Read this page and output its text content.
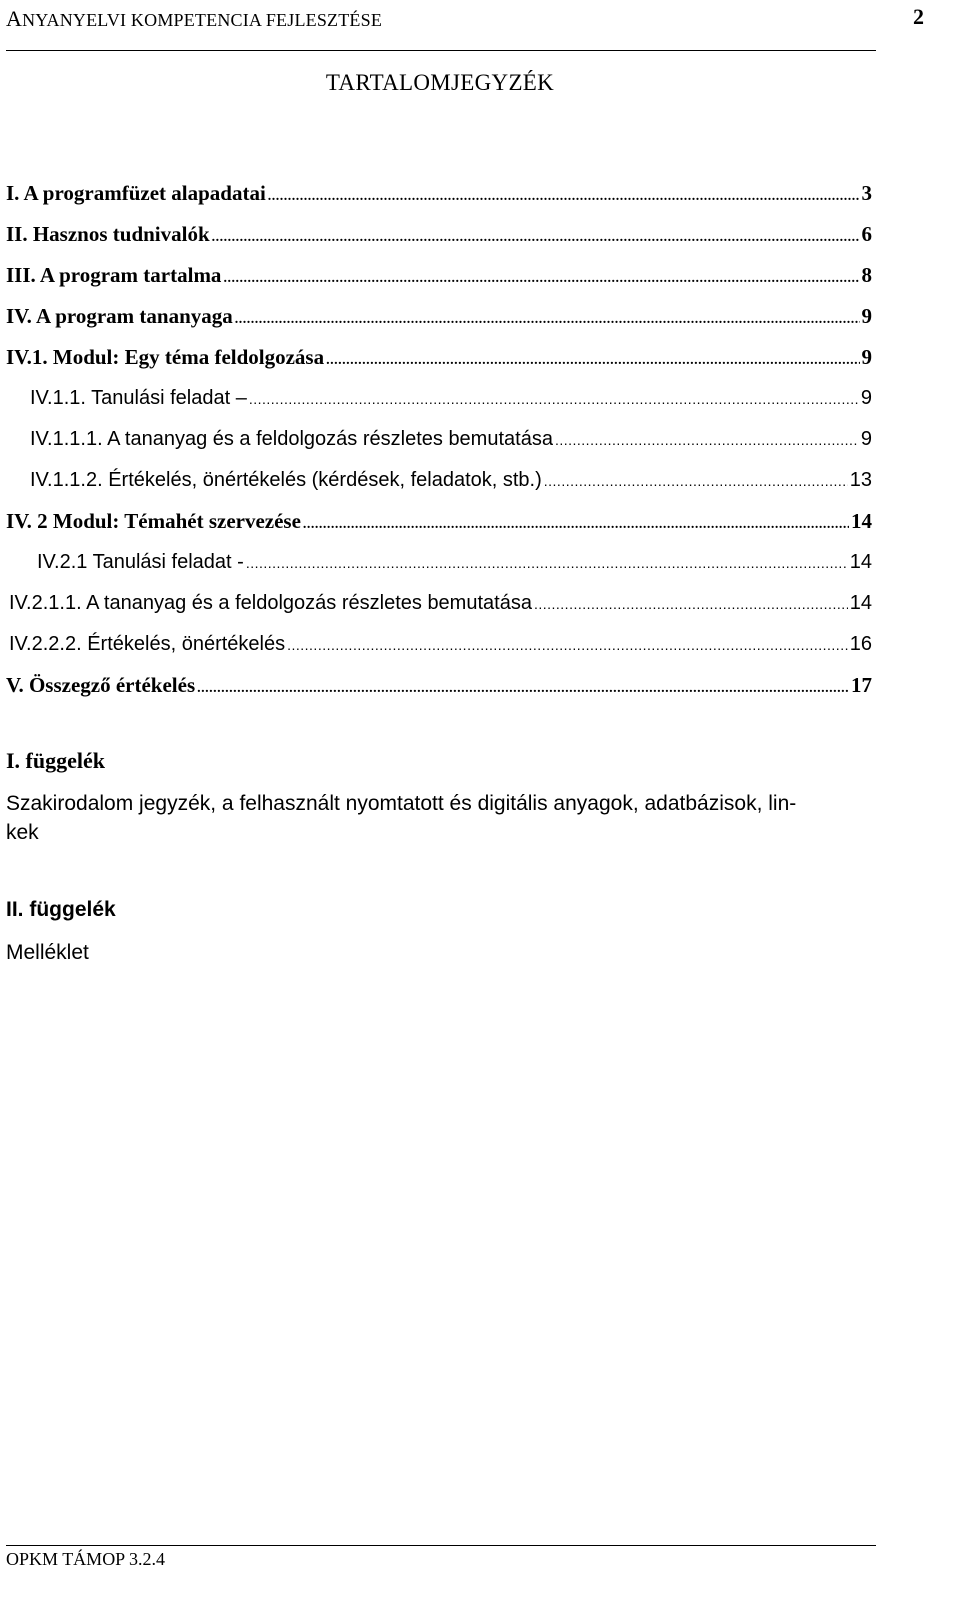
ANYANYELVI KOMPETENCIA FEJLESZTÉSE	2
TARTALOMJEGYZÉK
I. A programfüzet alapadatai .....	3
II. Hasznos tudnivalók .....	6
III. A program tartalma .....	8
IV. A program tananyaga .....	9
IV.1. Modul: Egy téma feldolgozása .....	9
IV.1.1. Tanulási feladat – .....	9
IV.1.1.1. A tananyag és a feldolgozás részletes bemutatása .....	9
IV.1.1.2. Értékelés, önértékelés (kérdések, feladatok, stb.) .....	13
IV. 2 Modul: Témahét szervezése .....	14
IV.2.1 Tanulási feladat - .....	14
IV.2.1.1. A tananyag és a feldolgozás részletes bemutatása .....	14
IV.2.2.2. Értékelés, önértékelés .....	16
V. Összegző értékelés .....	17
I. függelék
Szakirodalom jegyzék, a felhasznált nyomtatott és digitális anyagok, adatbázisok, lin-
kek
II. függelék
Melléklet
OPKM TÁMOP 3.2.4
